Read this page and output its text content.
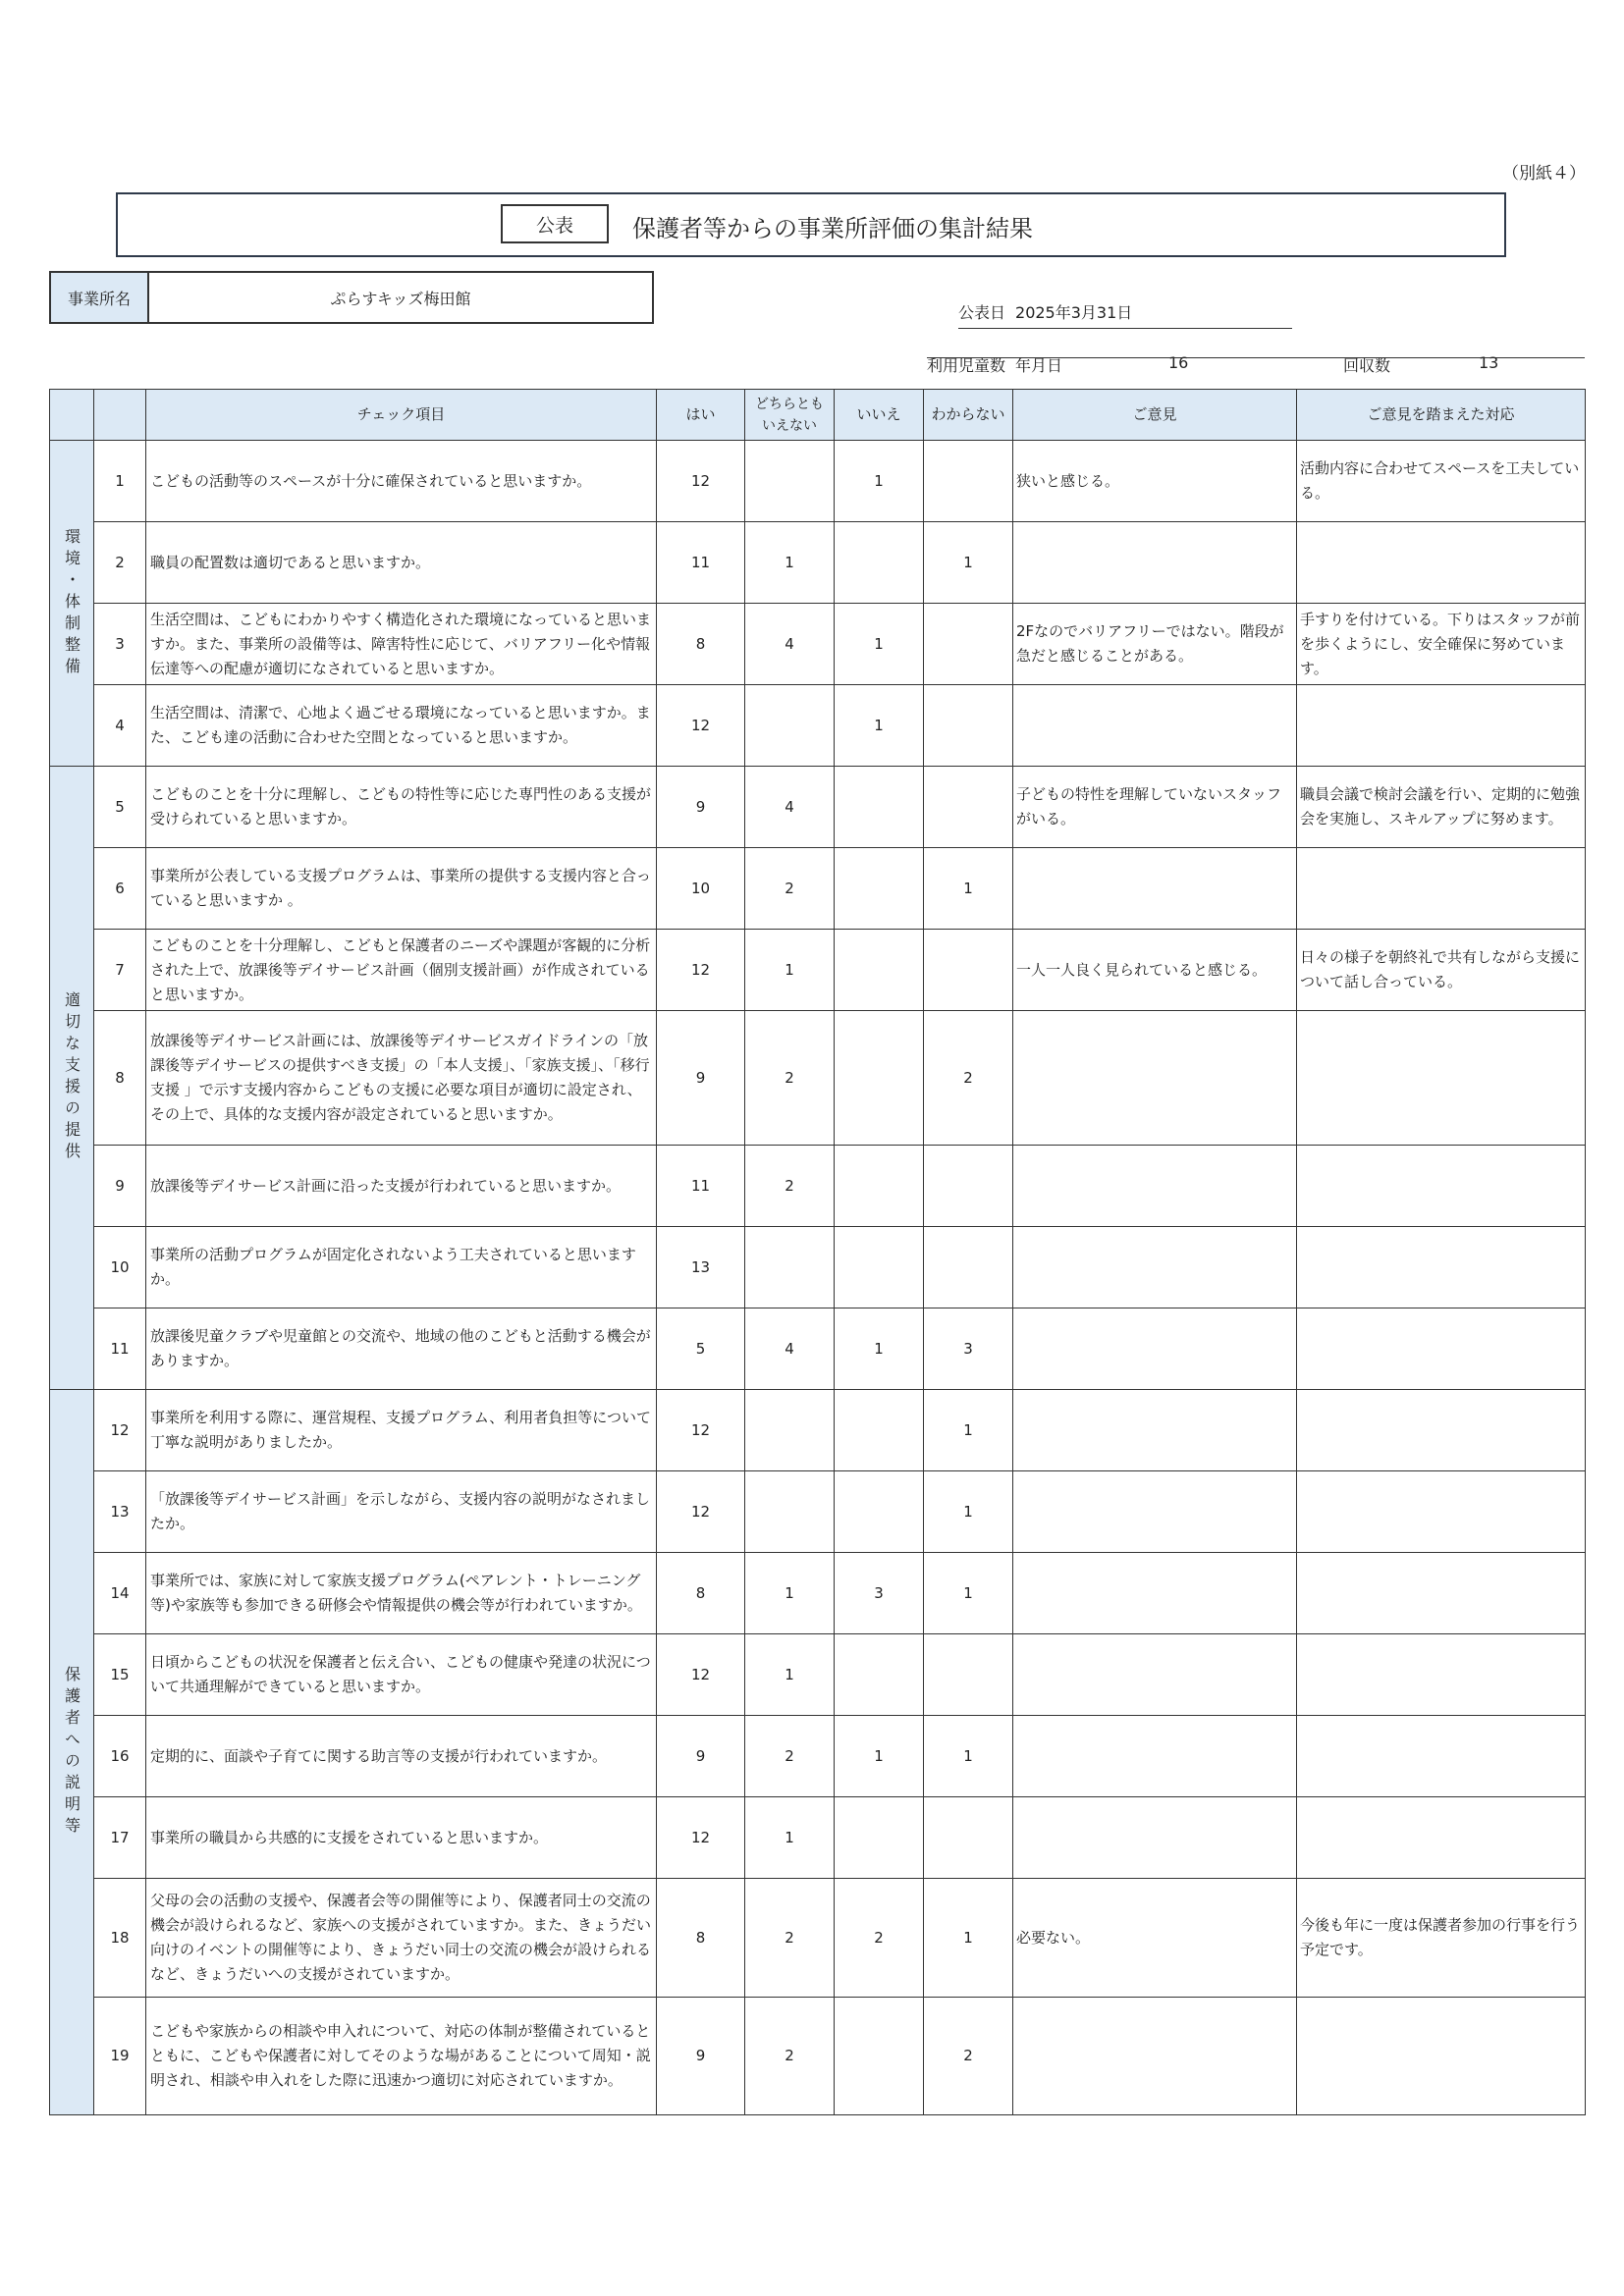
（別紙４）
公表	保護者等からの事業所評価の集計結果
事業所名	ぷらすキッズ梅田館
公表日 2025年3月31日
利用児童数 年月日	16	回収数	13
		チェック項目	はい	どちらとも
いえない	いいえ	わからない	ご意見	ご意見を踏まえた対応

環境・体制整備	1	こどもの活動等のスペースが十分に確保されていると思いますか。	12		1		狭いと感じる。	活動内容に合わせてスペースを工夫している。
	2	職員の配置数は適切であると思いますか。	11	1		1		
	3	生活空間は、こどもにわかりやすく構造化された環境になっていると思いますか。また、事業所の設備等は、障害特性に応じて、バリアフリー化や情報伝達等への配慮が適切になされていると思いますか。	8	4	1		2Fなのでバリアフリーではない。階段が急だと感じることがある。	手すりを付けている。下りはスタッフが前を歩くようにし、安全確保に努めています。
	4	生活空間は、清潔で、心地よく過ごせる環境になっていると思いますか。また、こども達の活動に合わせた空間となっていると思いますか。	12		1			

適切な支援の提供	5	こどものことを十分に理解し、こどもの特性等に応じた専門性のある支援が受けられていると思いますか。	9	4			子どもの特性を理解していないスタッフがいる。	職員会議で検討会議を行い、定期的に勉強会を実施し、スキルアップに努めます。
	6	事業所が公表している支援プログラムは、事業所の提供する支援内容と合っていると思いますか 。	10	2		1		
	7	こどものことを十分理解し、こどもと保護者のニーズや課題が客観的に分析された上で、放課後等デイサービス計画（個別支援計画）が作成されていると思いますか。	12	1			一人一人良く見られていると感じる。	日々の様子を朝終礼で共有しながら支援について話し合っている。
	8	放課後等デイサービス計画には、放課後等デイサービスガイドラインの「放課後等デイサービスの提供すべき支援」の「本人支援」、「家族支援」、「移行支援 」で示す支援内容からこどもの支援に必要な項目が適切に設定され、その上で、具体的な支援内容が設定されていると思いますか。	9	2		2		
	9	放課後等デイサービス計画に沿った支援が行われていると思いますか。	11	2				
	10	事業所の活動プログラムが固定化されないよう工夫されていると思いますか。	13					
	11	放課後児童クラブや児童館との交流や、地域の他のこどもと活動する機会がありますか。	5	4	1	3		

保護者への説明等	12	事業所を利用する際に、運営規程、支援プログラム、利用者負担等について丁寧な説明がありましたか。	12			1		
	13	「放課後等デイサービス計画」を示しながら、支援内容の説明がなされましたか。	12			1		
	14	事業所では、家族に対して家族支援プログラム(ペアレント・トレーニング等)や家族等も参加できる研修会や情報提供の機会等が行われていますか。	8	1	3	1		
	15	日頃からこどもの状況を保護者と伝え合い、こどもの健康や発達の状況について共通理解ができていると思いますか。	12	1				
	16	定期的に、面談や子育てに関する助言等の支援が行われていますか。	9	2	1	1		
	17	事業所の職員から共感的に支援をされていると思いますか。	12	1				
	18	父母の会の活動の支援や、保護者会等の開催等により、保護者同士の交流の機会が設けられるなど、家族への支援がされていますか。また、きょうだい向けのイベントの開催等により、きょうだい同士の交流の機会が設けられるなど、きょうだいへの支援がされていますか。	8	2	2	1	必要ない。	今後も年に一度は保護者参加の行事を行う予定です。
	19	こどもや家族からの相談や申入れについて、対応の体制が整備されているとともに、こどもや保護者に対してそのような場があることについて周知・説明され、相談や申入れをした際に迅速かつ適切に対応されていますか。	9	2		2		
